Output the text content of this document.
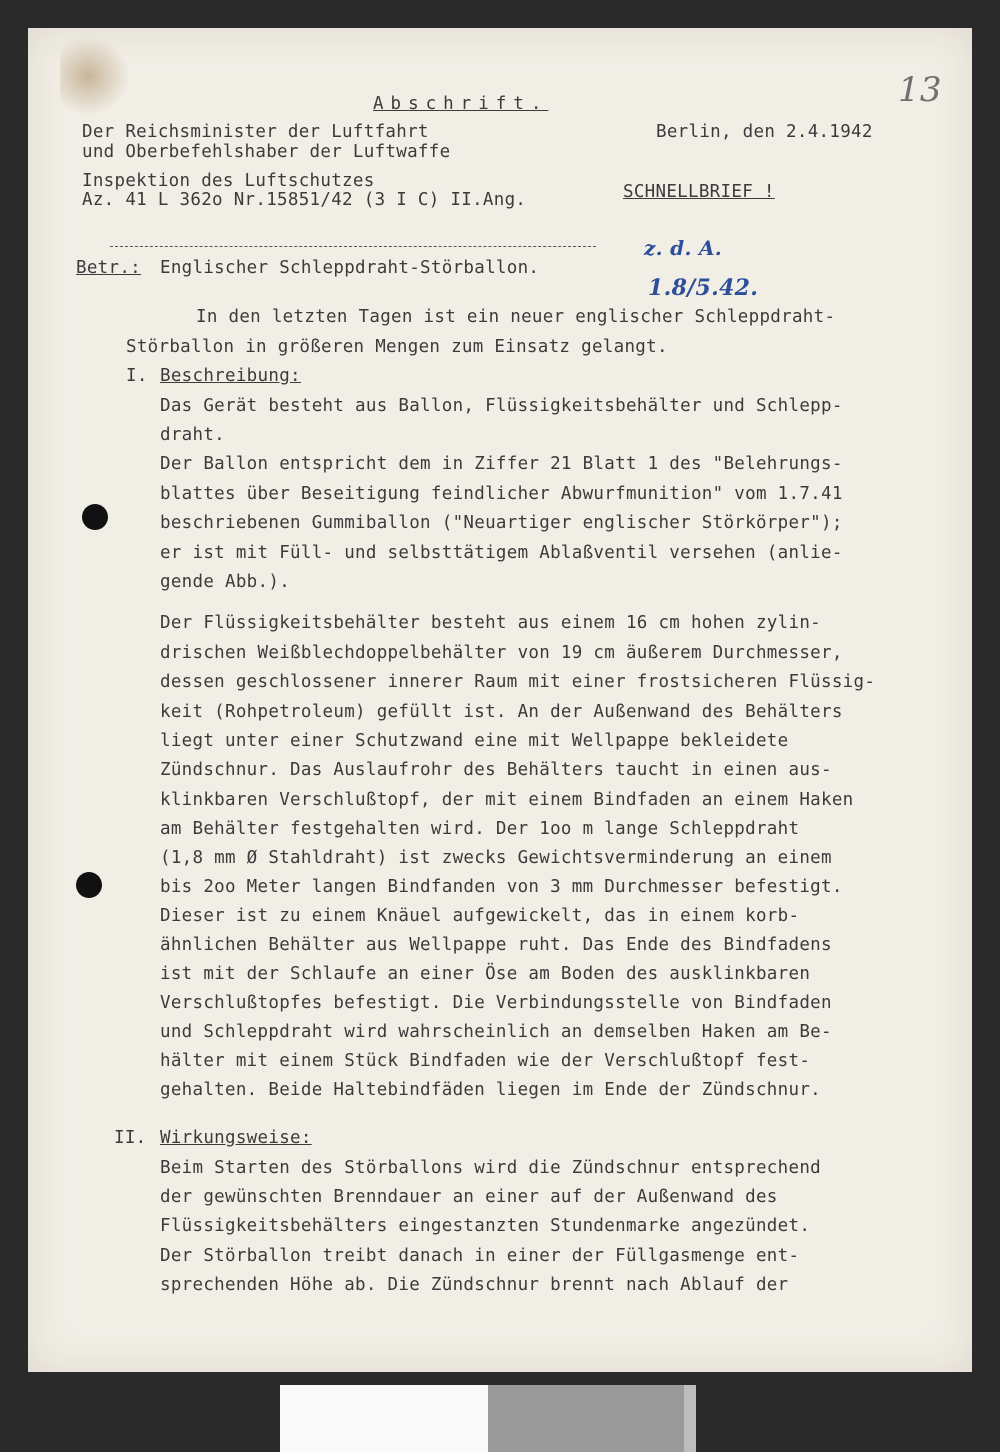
Abschrift.	13
Der Reichsminister der Luftfahrt
und Oberbefehlshaber der Luftwaffe
Berlin, den 2.4.1942
Inspektion des Luftschutzes
Az. 41 L 362o Nr.15851/42 (3 I C) II.Ang.	SCHNELLBRIEF !
z. d. A.
1.8/5.42.
Betr.: Englischer Schleppdraht-Störballon.
In den letzten Tagen ist ein neuer englischer Schleppdraht-
Störballon in größeren Mengen zum Einsatz gelangt.
I. Beschreibung:
Das Gerät besteht aus Ballon, Flüssigkeitsbehälter und Schlepp-
draht.
Der Ballon entspricht dem in Ziffer 21 Blatt 1 des "Belehrungs-
blattes über Beseitigung feindlicher Abwurfmunition" vom 1.7.41
beschriebenen Gummiballon ("Neuartiger englischer Störkörper");
er ist mit Füll- und selbsttätigem Ablaßventil versehen (anlie-
gende Abb.).
Der Flüssigkeitsbehälter besteht aus einem 16 cm hohen zylin-
drischen Weißblechdoppelbehälter von 19 cm äußerem Durchmesser,
dessen geschlossener innerer Raum mit einer frostsicheren Flüssig-
keit (Rohpetroleum) gefüllt ist. An der Außenwand des Behälters
liegt unter einer Schutzwand eine mit Wellpappe bekleidete
Zündschnur. Das Auslaufrohr des Behälters taucht in einen aus-
klinkbaren Verschlußtopf, der mit einem Bindfaden an einem Haken
am Behälter festgehalten wird. Der 1oo m lange Schleppdraht
(1,8 mm Ø Stahldraht) ist zwecks Gewichtsverminderung an einem
bis 2oo Meter langen Bindfanden von 3 mm Durchmesser befestigt.
Dieser ist zu einem Knäuel aufgewickelt, das in einem korb-
ähnlichen Behälter aus Wellpappe ruht. Das Ende des Bindfadens
ist mit der Schlaufe an einer Öse am Boden des ausklinkbaren
Verschlußtopfes befestigt. Die Verbindungsstelle von Bindfaden
und Schleppdraht wird wahrscheinlich an demselben Haken am Be-
hälter mit einem Stück Bindfaden wie der Verschlußtopf fest-
gehalten. Beide Haltebindfäden liegen im Ende der Zündschnur.
II. Wirkungsweise:
Beim Starten des Störballons wird die Zündschnur entsprechend
der gewünschten Brenndauer an einer auf der Außenwand des
Flüssigkeitsbehälters eingestanzten Stundenmarke angezündet.
Der Störballon treibt danach in einer der Füllgasmenge ent-
sprechenden Höhe ab. Die Zündschnur brennt nach Ablauf der
